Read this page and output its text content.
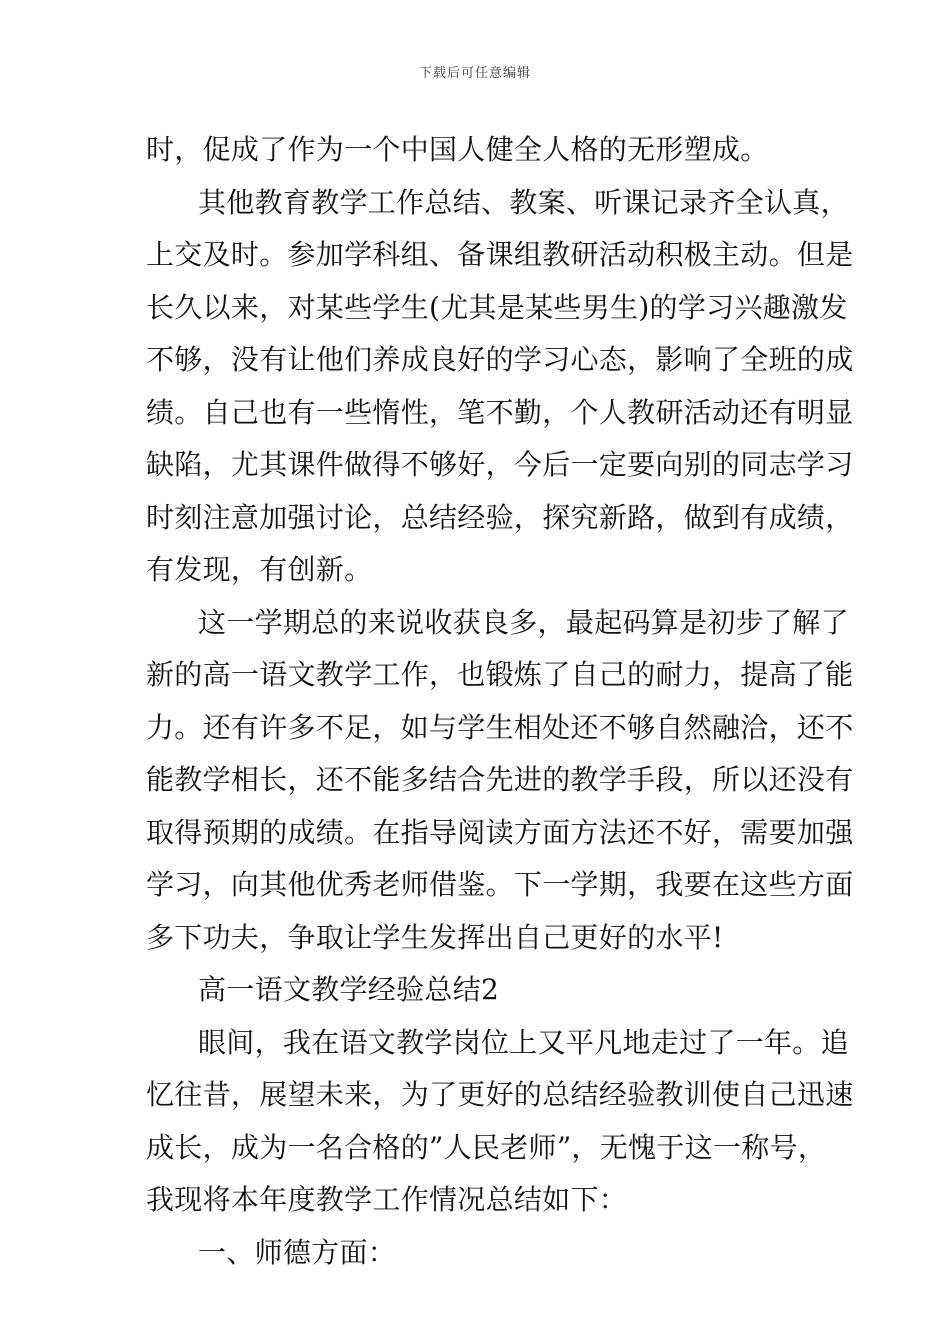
下载后可任意编辑
时，促成了作为一个中国人健全人格的无形塑成。
其他教育教学工作总结、教案、听课记录齐全认真，
上交及时。参加学科组、备课组教研活动积极主动。但是
长久以来，对某些学生(尤其是某些男生)的学习兴趣激发
不够，没有让他们养成良好的学习心态，影响了全班的成
绩。自己也有一些惰性，笔不勤，个人教研活动还有明显
缺陷，尤其课件做得不够好，今后一定要向别的同志学习
时刻注意加强讨论，总结经验，探究新路，做到有成绩，
有发现，有创新。
这一学期总的来说收获良多，最起码算是初步了解了
新的高一语文教学工作，也锻炼了自己的耐力，提高了能
力。还有许多不足，如与学生相处还不够自然融洽，还不
能教学相长，还不能多结合先进的教学手段，所以还没有
取得预期的成绩。在指导阅读方面方法还不好，需要加强
学习，向其他优秀老师借鉴。下一学期，我要在这些方面
多下功夫，争取让学生发挥出自己更好的水平!
高一语文教学经验总结2
眼间，我在语文教学岗位上又平凡地走过了一年。追
忆往昔，展望未来，为了更好的总结经验教训使自己迅速
成长，成为一名合格的”人民老师”，无愧于这一称号，
我现将本年度教学工作情况总结如下：
一、师德方面：
